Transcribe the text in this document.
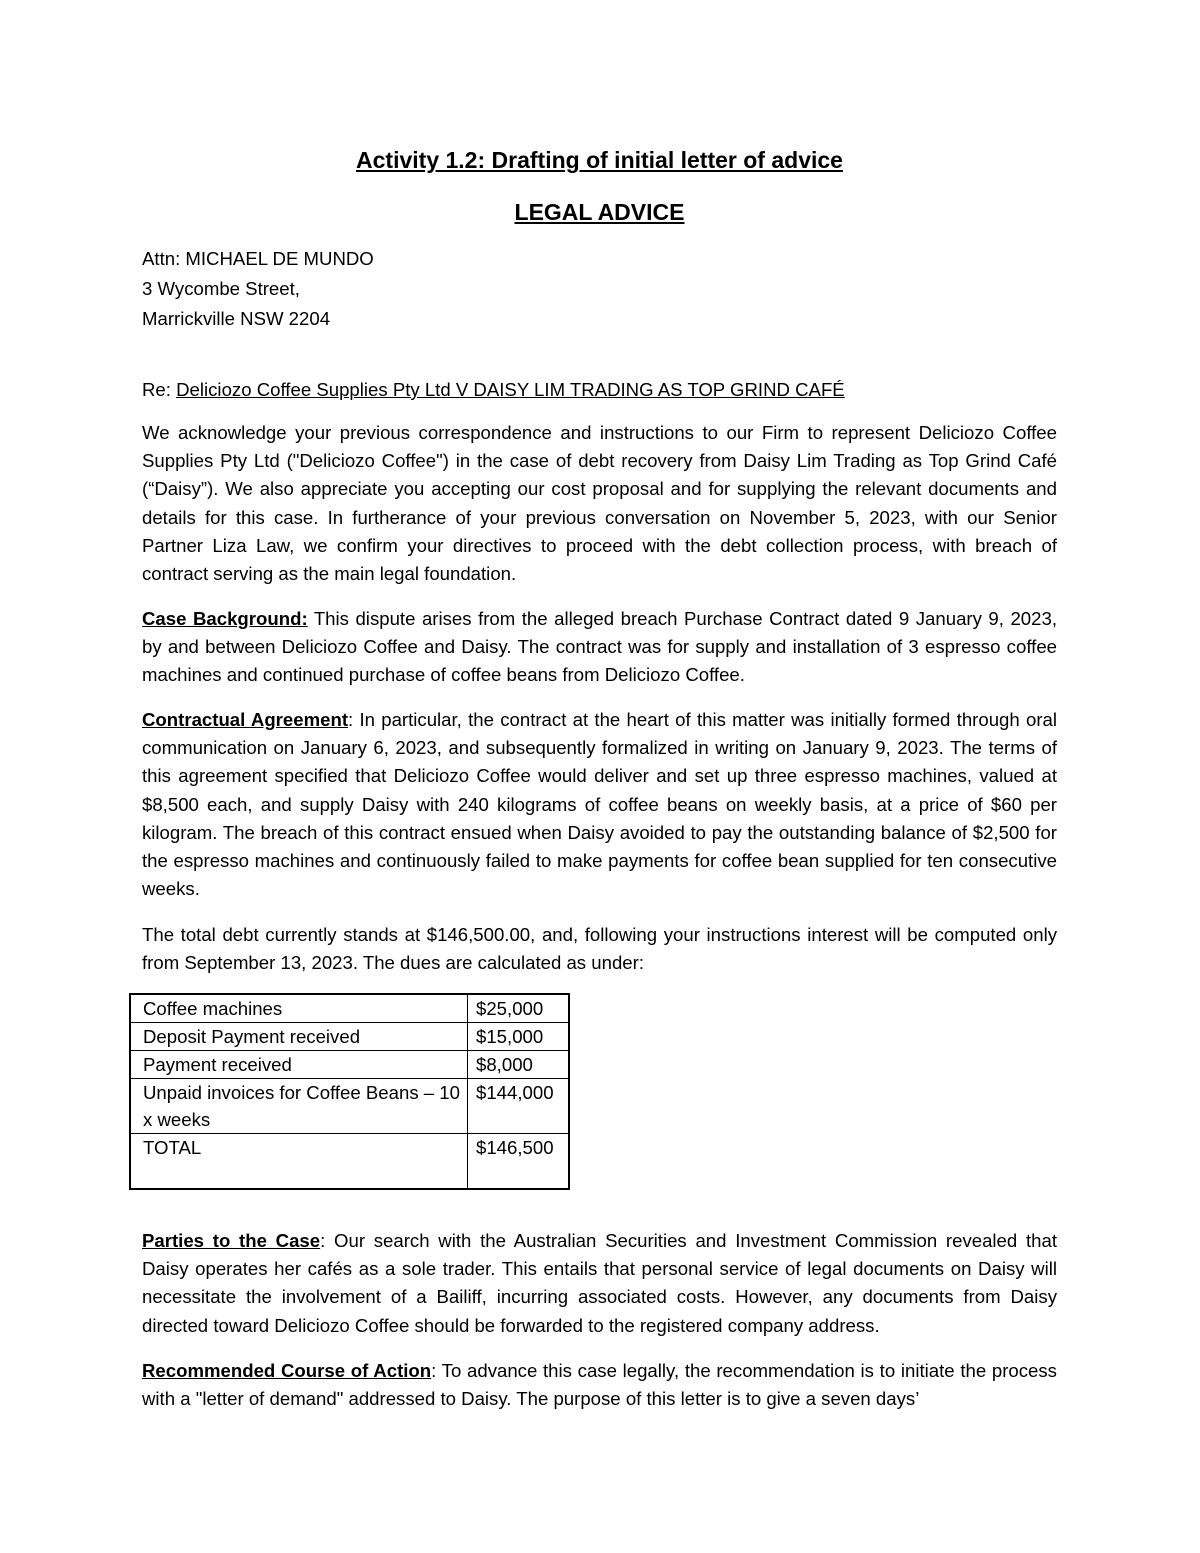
Activity 1.2: Drafting of initial letter of advice
LEGAL ADVICE
Attn: MICHAEL DE MUNDO
3 Wycombe Street,
Marrickville NSW 2204
Re: Deliciozo Coffee Supplies Pty Ltd V DAISY LIM TRADING AS TOP GRIND CAFÉ

We acknowledge your previous correspondence and instructions to our Firm to represent Deliciozo Coffee Supplies Pty Ltd ("Deliciozo Coffee") in the case of debt recovery from Daisy Lim Trading as Top Grind Café (“Daisy”). We also appreciate you accepting our cost proposal and for supplying the relevant documents and details for this case. In furtherance of your previous conversation on November 5, 2023, with our Senior Partner Liza Law, we confirm your directives to proceed with the debt collection process, with breach of contract serving as the main legal foundation.

Case Background: This dispute arises from the alleged breach Purchase Contract dated 9 January 9, 2023, by and between Deliciozo Coffee and Daisy. The contract was for supply and installation of 3 espresso coffee machines and continued purchase of coffee beans from Deliciozo Coffee.

Contractual Agreement: In particular, the contract at the heart of this matter was initially formed through oral communication on January 6, 2023, and subsequently formalized in writing on January 9, 2023. The terms of this agreement specified that Deliciozo Coffee would deliver and set up three espresso machines, valued at $8,500 each, and supply Daisy with 240 kilograms of coffee beans on weekly basis, at a price of $60 per kilogram. The breach of this contract ensued when Daisy avoided to pay the outstanding balance of $2,500 for the espresso machines and continuously failed to make payments for coffee bean supplied for ten consecutive weeks.

The total debt currently stands at $146,500.00, and, following your instructions interest will be computed only from September 13, 2023. The dues are calculated as under:

Coffee machines	$25,000
Deposit Payment received	$15,000
Payment received	$8,000
Unpaid invoices for Coffee Beans – 10 x weeks	$144,000
TOTAL	$146,500

Parties to the Case: Our search with the Australian Securities and Investment Commission revealed that Daisy operates her cafés as a sole trader. This entails that personal service of legal documents on Daisy will necessitate the involvement of a Bailiff, incurring associated costs. However, any documents from Daisy directed toward Deliciozo Coffee should be forwarded to the registered company address.

Recommended Course of Action: To advance this case legally, the recommendation is to initiate the process with a "letter of demand" addressed to Daisy. The purpose of this letter is to give a seven days’
